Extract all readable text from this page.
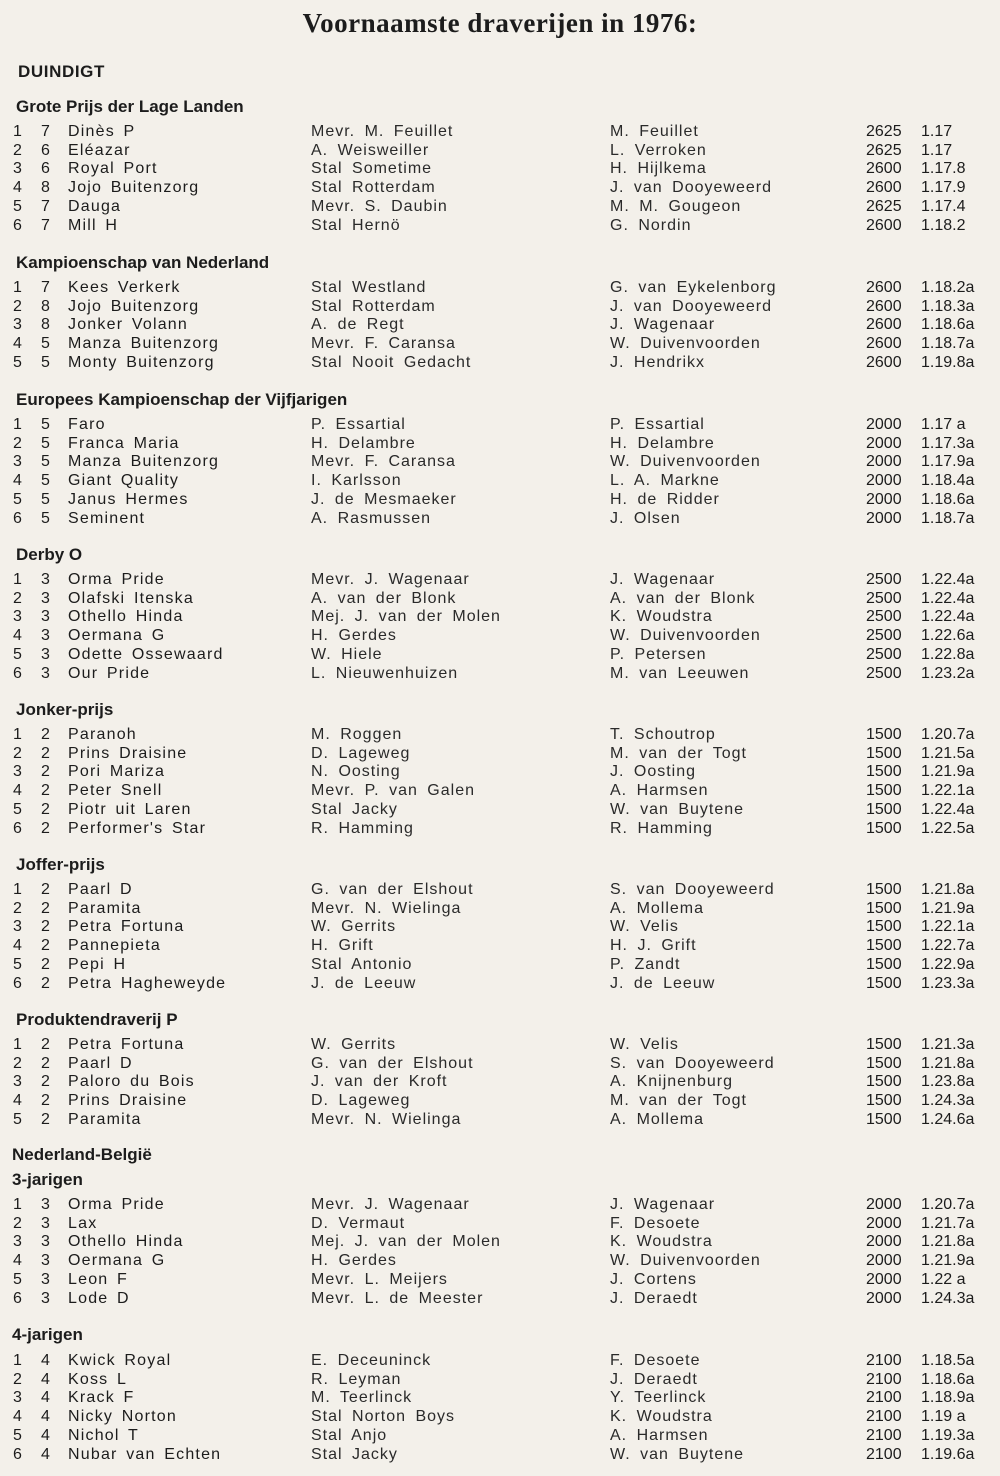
Voornaamste draverijen in 1976:
DUINDIGT
Grote Prijs der Lage Landen
1 7 Dinès P	Mevr. M. Feuillet	M. Feuillet	2625 1.17
2 6 Eléazar	A. Weisweiller	L. Verroken	2625 1.17
3 6 Royal Port	Stal Sometime	H. Hijlkema	2600 1.17.8
4 8 Jojo Buitenzorg	Stal Rotterdam	J. van Dooyeweerd	2600 1.17.9
5 7 Dauga	Mevr. S. Daubin	M. M. Gougeon	2625 1.17.4
6 7 Mill H	Stal Hernö	G. Nordin	2600 1.18.2
Kampioenschap van Nederland
1 7 Kees Verkerk	Stal Westland	G. van Eykelenborg	2600 1.18.2a
2 8 Jojo Buitenzorg	Stal Rotterdam	J. van Dooyeweerd	2600 1.18.3a
3 8 Jonker Volann	A. de Regt	J. Wagenaar	2600 1.18.6a
4 5 Manza Buitenzorg	Mevr. F. Caransa	W. Duivenvoorden	2600 1.18.7a
5 5 Monty Buitenzorg	Stal Nooit Gedacht	J. Hendrikx	2600 1.19.8a
Europees Kampioenschap der Vijfjarigen
1 5 Faro	P. Essartial	P. Essartial	2000 1.17 a
2 5 Franca Maria	H. Delambre	H. Delambre	2000 1.17.3a
3 5 Manza Buitenzorg	Mevr. F. Caransa	W. Duivenvoorden	2000 1.17.9a
4 5 Giant Quality	I. Karlsson	L. A. Markne	2000 1.18.4a
5 5 Janus Hermes	J. de Mesmaeker	H. de Ridder	2000 1.18.6a
6 5 Seminent	A. Rasmussen	J. Olsen	2000 1.18.7a
Derby O
1 3 Orma Pride	Mevr. J. Wagenaar	J. Wagenaar	2500 1.22.4a
2 3 Olafski Itenska	A. van der Blonk	A. van der Blonk	2500 1.22.4a
3 3 Othello Hinda	Mej. J. van der Molen	K. Woudstra	2500 1.22.4a
4 3 Oermana G	H. Gerdes	W. Duivenvoorden	2500 1.22.6a
5 3 Odette Ossewaard	W. Hiele	P. Petersen	2500 1.22.8a
6 3 Our Pride	L. Nieuwenhuizen	M. van Leeuwen	2500 1.23.2a
Jonker-prijs
1 2 Paranoh	M. Roggen	T. Schoutrop	1500 1.20.7a
2 2 Prins Draisine	D. Lageweg	M. van der Togt	1500 1.21.5a
3 2 Pori Mariza	N. Oosting	J. Oosting	1500 1.21.9a
4 2 Peter Snell	Mevr. P. van Galen	A. Harmsen	1500 1.22.1a
5 2 Piotr uit Laren	Stal Jacky	W. van Buytene	1500 1.22.4a
6 2 Performer's Star	R. Hamming	R. Hamming	1500 1.22.5a
Joffer-prijs
1 2 Paarl D	G. van der Elshout	S. van Dooyeweerd	1500 1.21.8a
2 2 Paramita	Mevr. N. Wielinga	A. Mollema	1500 1.21.9a
3 2 Petra Fortuna	W. Gerrits	W. Velis	1500 1.22.1a
4 2 Pannepieta	H. Grift	H. J. Grift	1500 1.22.7a
5 2 Pepi H	Stal Antonio	P. Zandt	1500 1.22.9a
6 2 Petra Hagheweyde	J. de Leeuw	J. de Leeuw	1500 1.23.3a
Produktendraverij P
1 2 Petra Fortuna	W. Gerrits	W. Velis	1500 1.21.3a
2 2 Paarl D	G. van der Elshout	S. van Dooyeweerd	1500 1.21.8a
3 2 Paloro du Bois	J. van der Kroft	A. Knijnenburg	1500 1.23.8a
4 2 Prins Draisine	D. Lageweg	M. van der Togt	1500 1.24.3a
5 2 Paramita	Mevr. N. Wielinga	A. Mollema	1500 1.24.6a
Nederland-België
3-jarigen
1 3 Orma Pride	Mevr. J. Wagenaar	J. Wagenaar	2000 1.20.7a
2 3 Lax	D. Vermaut	F. Desoete	2000 1.21.7a
3 3 Othello Hinda	Mej. J. van der Molen	K. Woudstra	2000 1.21.8a
4 3 Oermana G	H. Gerdes	W. Duivenvoorden	2000 1.21.9a
5 3 Leon F	Mevr. L. Meijers	J. Cortens	2000 1.22 a
6 3 Lode D	Mevr. L. de Meester	J. Deraedt	2000 1.24.3a
4-jarigen
1 4 Kwick Royal	E. Deceuninck	F. Desoete	2100 1.18.5a
2 4 Koss L	R. Leyman	J. Deraedt	2100 1.18.6a
3 4 Krack F	M. Teerlinck	Y. Teerlinck	2100 1.18.9a
4 4 Nicky Norton	Stal Norton Boys	K. Woudstra	2100 1.19 a
5 4 Nichol T	Stal Anjo	A. Harmsen	2100 1.19.3a
6 4 Nubar van Echten	Stal Jacky	W. van Buytene	2100 1.19.6a
